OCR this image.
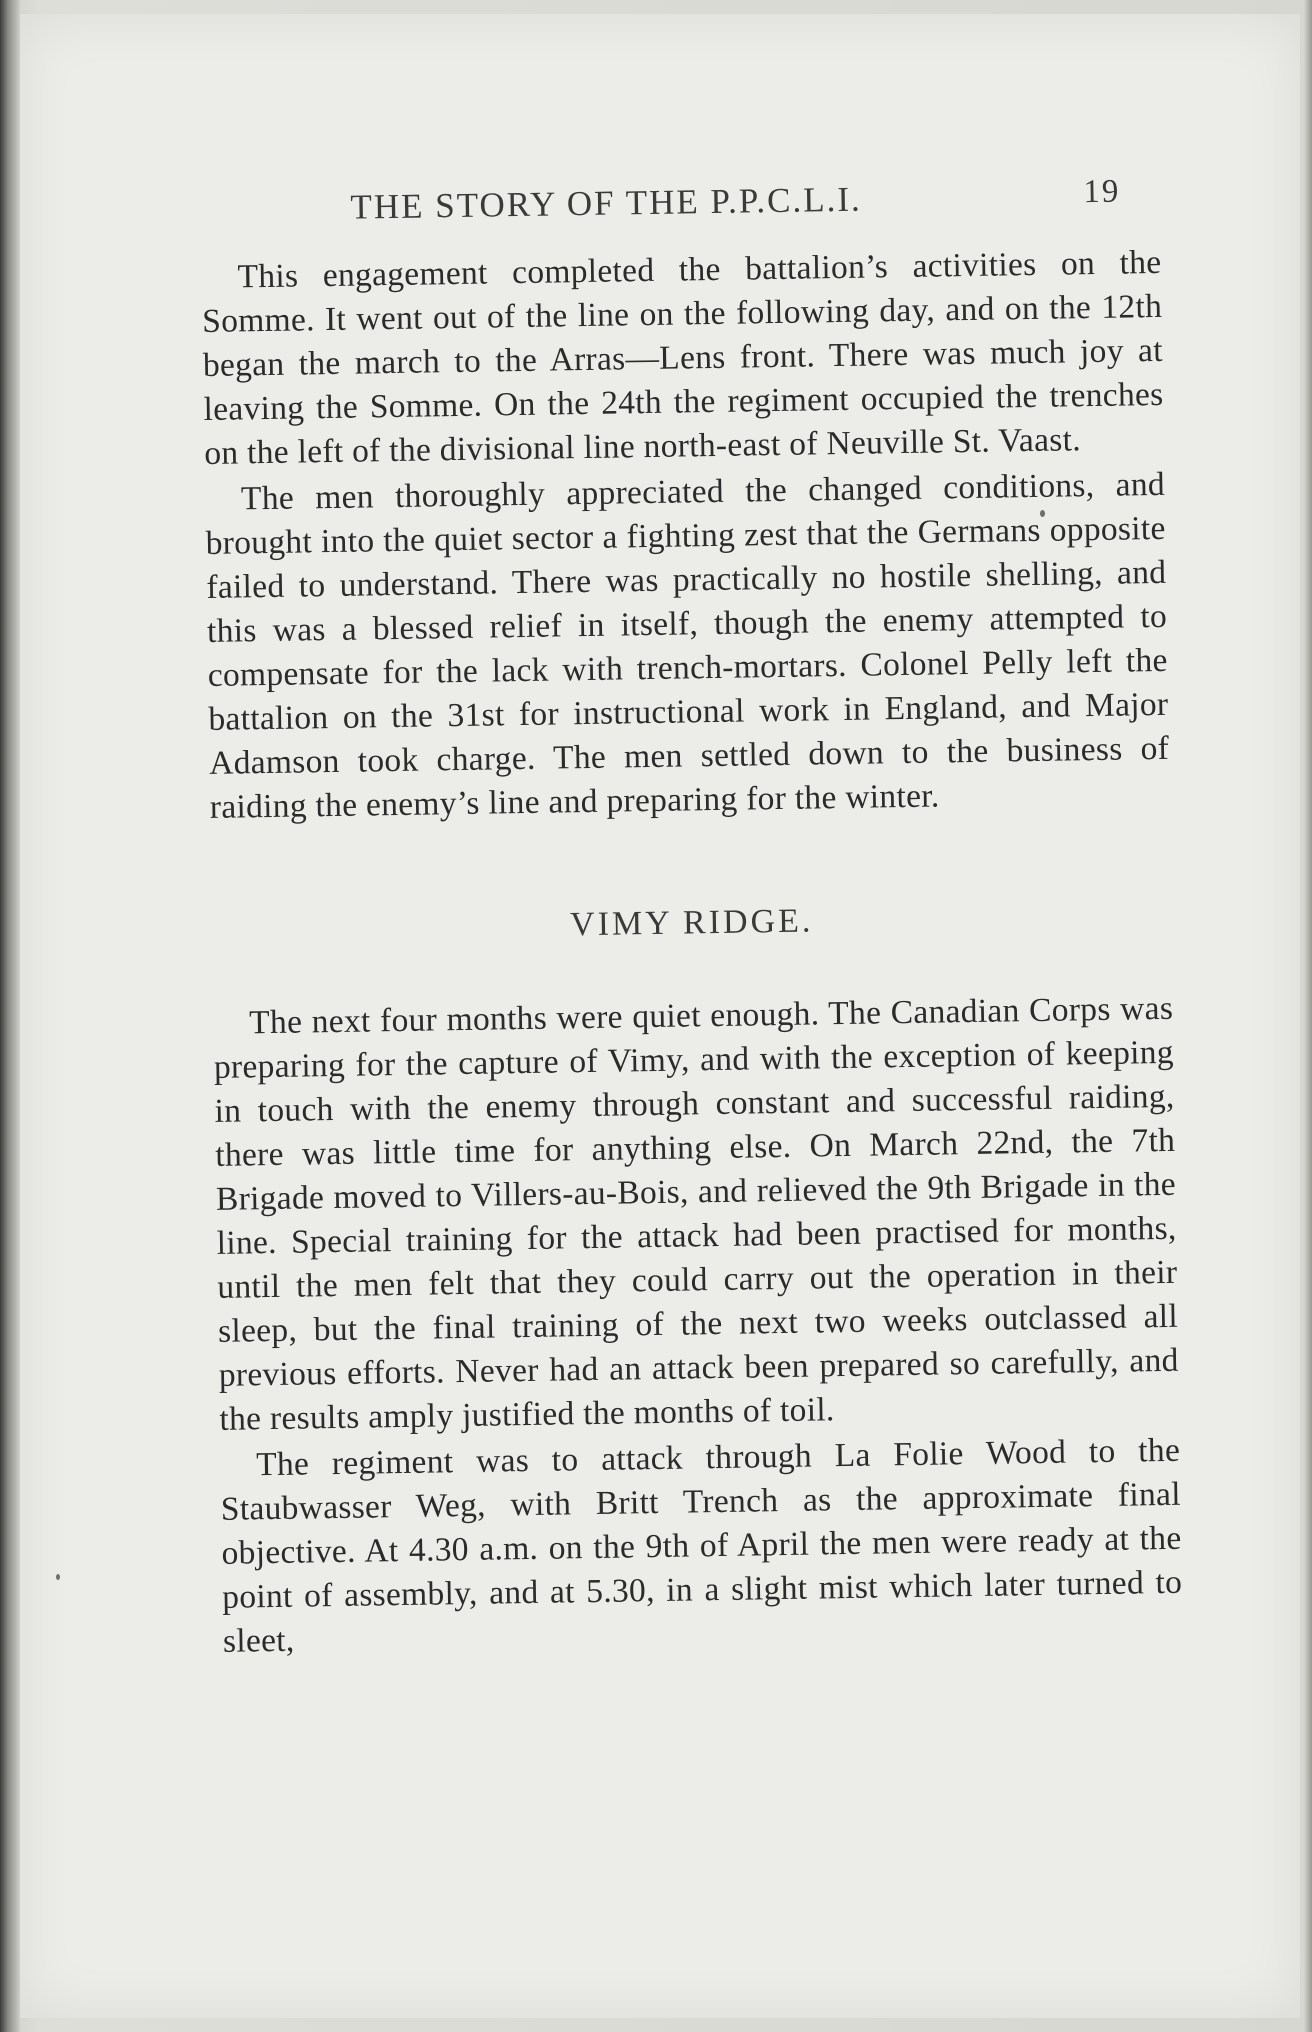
THE STORY OF THE P.P.C.L.I.	19

This engagement completed the battalion’s activities on the Somme. It went out of the line on the following day, and on the 12th began the march to the Arras—Lens front. There was much joy at leaving the Somme. On the 24th the regiment occupied the trenches on the left of the divisional line north-east of Neuville St. Vaast.

The men thoroughly appreciated the changed conditions, and brought into the quiet sector a fighting zest that the Germans opposite failed to understand. There was practically no hostile shelling, and this was a blessed relief in itself, though the enemy attempted to compensate for the lack with trench-mortars. Colonel Pelly left the battalion on the 31st for instructional work in England, and Major Adamson took charge. The men settled down to the business of raiding the enemy’s line and preparing for the winter.

VIMY RIDGE.

The next four months were quiet enough. The Canadian Corps was preparing for the capture of Vimy, and with the exception of keeping in touch with the enemy through constant and successful raiding, there was little time for anything else. On March 22nd, the 7th Brigade moved to Villers-au-Bois, and relieved the 9th Brigade in the line. Special training for the attack had been practised for months, until the men felt that they could carry out the operation in their sleep, but the final training of the next two weeks outclassed all previous efforts. Never had an attack been prepared so carefully, and the results amply justified the months of toil.

The regiment was to attack through La Folie Wood to the Staubwasser Weg, with Britt Trench as the approximate final objective. At 4.30 a.m. on the 9th of April the men were ready at the point of assembly, and at 5.30, in a slight mist which later turned to sleet,
